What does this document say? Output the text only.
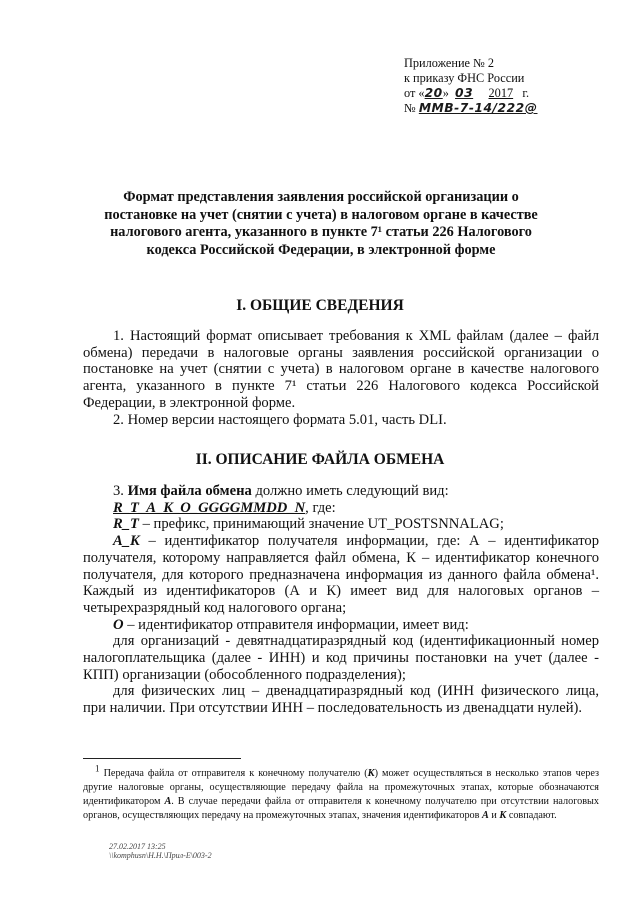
Приложение № 2
к приказу ФНС России
от «20» 03 2017 г.
№ ММВ-7-14/222@
Формат представления заявления российской организации о постановке на учет (снятии с учета) в налоговом органе в качестве налогового агента, указанного в пункте 7¹ статьи 226 Налогового кодекса Российской Федерации, в электронной форме
I. ОБЩИЕ СВЕДЕНИЯ

1. Настоящий формат описывает требования к XML файлам (далее – файл обмена) передачи в налоговые органы заявления российской организации о постановке на учет (снятии с учета) в налоговом органе в качестве налогового агента, указанного в пункте 7¹ статьи 226 Налогового кодекса Российской Федерации, в электронной форме.

2. Номер версии настоящего формата 5.01, часть DLI.

II. ОПИСАНИЕ ФАЙЛА ОБМЕНА

3. Имя файла обмена должно иметь следующий вид:

R_T_A_K_O_GGGGMMDD_N, где:

R_T – префикс, принимающий значение UT_POSTSNNALAG;

A_K – идентификатор получателя информации, где: А – идентификатор получателя, которому направляется файл обмена, К – идентификатор конечного получателя, для которого предназначена информация из данного файла обмена¹. Каждый из идентификаторов (А и К) имеет вид для налоговых органов – четырехразрядный код налогового органа;

O – идентификатор отправителя информации, имеет вид:

для организаций - девятнадцатиразрядный код (идентификационный номер налогоплательщика (далее - ИНН) и код причины постановки на учет (далее - КПП) организации (обособленного подразделения);

для физических лиц – двенадцатиразрядный код (ИНН физического лица, при наличии. При отсутствии ИНН – последовательность из двенадцати нулей).

$^1$ Передача файла от отправителя к конечному получателю (К) может осуществляться в несколько этапов через другие налоговые органы, осуществляющие передачу файла на промежуточных этапах, которые обозначаются идентификатором А. В случае передачи файла от отправителя к конечному получателю при отсутствии налоговых органов, осуществляющих передачу на промежуточных этапах, значения идентификаторов А и К совпадают.

27.02.2017 13:25
\\komphusn\Н.Н.\Прил-Е\003-2
